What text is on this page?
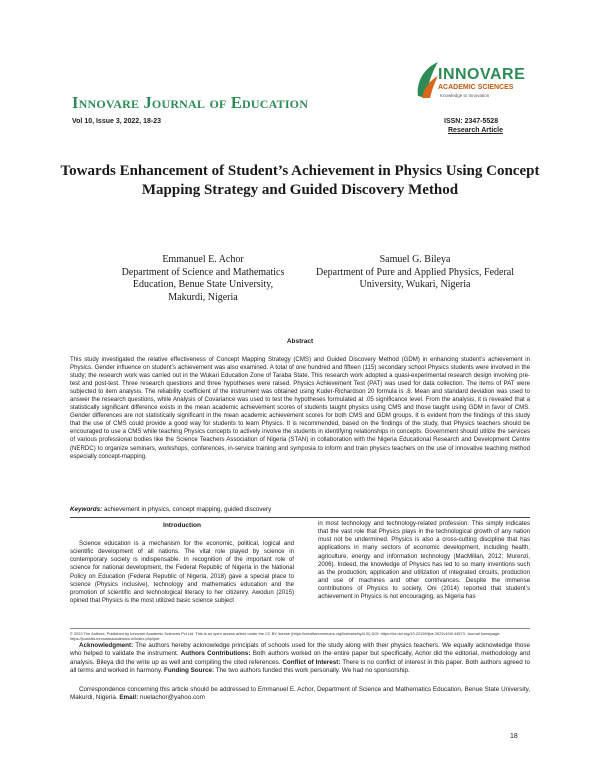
INNOVARE
ACADEMIC SCIENCES
Knowledge to Innovation
Innovare Journal of Education
Vol 10, Issue 3, 2022, 18-23	ISSN: 2347-5528
Research Article
Towards Enhancement of Student’s Achievement in Physics Using Concept Mapping Strategy and Guided Discovery Method
Emmanuel E. Achor
Department of Science and Mathematics Education, Benue State University, Makurdi, Nigeria
Samuel G. Bileya
Department of Pure and Applied Physics, Federal University, Wukari, Nigeria
Abstract
This study investigated the relative effectiveness of Concept Mapping Strategy (CMS) and Guided Discovery Method (GDM) in enhancing student’s achievement in Physics. Gender influence on student’s achievement was also examined. A total of one hundred and fifteen (115) secondary school Physics students were involved in the study; the research work was carried out in the Wukari Education Zone of Taraba State. This research work adopted a quasi-experimental research design involving pre-test and post-test. Three research questions and three hypotheses were raised. Physics Achievement Test (PAT) was used for data collection. The items of PAT were subjected to item analysis. The reliability coefficient of the instrument was obtained using Kuder-Richardson 20 formula is .8. Mean and standard deviation was used to answer the research questions, while Analysis of Covariance was used to test the hypotheses formulated at .05 significance level. From the analysis, it is revealed that a statistically significant difference exists in the mean academic achievement scores of students taught physics using CMS and those taught using GDM in favor of CMS. Gender differences are not statistically significant in the mean academic achievement scores for both CMS and GDM groups. It is evident from the findings of this study that the use of CMS could provide a good way for students to learn Physics. It is recommended, based on the findings of the study, that Physics teachers should be encouraged to use a CMS while teaching Physics concepts to actively involve the students in identifying relationships in concepts. Government should utilize the services of various professional bodies like the Science Teachers Association of Nigeria (STAN) in collaboration with the Nigeria Educational Research and Development Centre (NERDC) to organize seminars, workshops, conferences, in-service training and symposia to inform and train physics teachers on the use of innovative teaching method especially concept-mapping.
Keywords: achievement in physics, concept mapping, guided discovery
Introduction
Science education is a mechanism for the economic, political, logical and scientific development of all nations. The vital role played by science in contemporary society is indispensable. In recognition of the important role of science for national development, the Federal Republic of Nigeria in the National Policy on Education (Federal Republic of Nigeria, 2018) gave a special place to science (Physics inclusive), technology and mathematics education and the promotion of scientific and technological literacy to her citizenry. Awodun (2015) opined that Physics is the most utilized basic science subject
in most technology and technology-related profession. This simply indicates that the vast role that Physics plays in the technological growth of any nation must not be undermined. Physics is also a cross-cutting discipline that has applications in many sectors of economic development, including health, agriculture, energy and information technology (MacMillan, 2012; Murenzi, 2006). Indeed, the knowledge of Physics has led to so many inventions such as the production, application and utilization of integrated circuits, production and use of machines and other contrivances. Despite the immense contributions of Physics to society, Oni (2014) reported that student’s achievement in Physics is not encouraging, as Nigeria has
© 2022 The Authors. Published by Innovare Academic Sciences Pvt Ltd. This is an open access article under the CC BY license (https://creativecommons.org/licenses/by/4.0/) DOI: https://dx.doi.org/10.22159/ijoe.2022v10i3.44573. Journal homepage: https://journals.innovareacademics.in/index.php/ijoe.
Acknowledgment: The authors hereby acknowledge principals of schools used for the study along with their physics teachers. We equally acknowledge those who helped to validate the instrument. Authors Contributions: Both authors worked on the entire paper but specifically, Achor did the editorial, methodology and analysis. Bileya did the write up as well and compiling the cited references. Conflict of Interest: There is no conflict of interest in this paper. Both authors agreed to all terms and worked in harmony. Funding Source: The two authors funded this work personally. We had no sponsorship.
Correspondence concerning this article should be addressed to Emmanuel E. Achor, Department of Science and Mathematics Education, Benue State University, Makurdi, Nigeria. Email: nuelachor@yahoo.com
18
